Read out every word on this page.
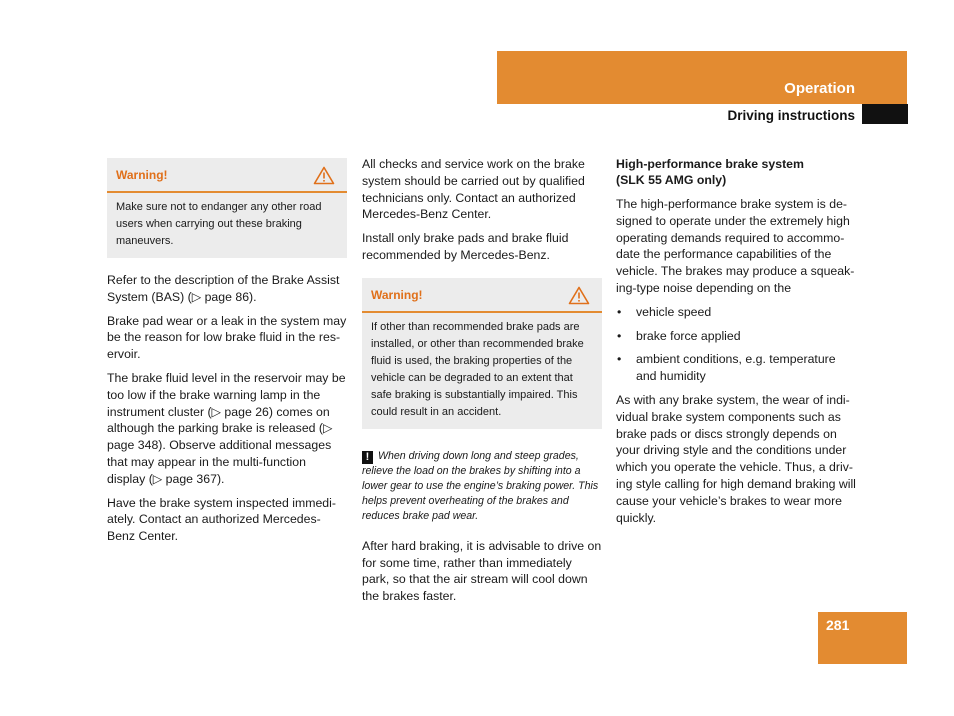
Operation
Driving instructions
Warning!
Make sure not to endanger any other road users when carrying out these braking maneuvers.

Refer to the description of the Brake Assist System (BAS) (▷ page 86).

Brake pad wear or a leak in the system may be the reason for low brake fluid in the res-ervoir.

The brake fluid level in the reservoir may be too low if the brake warning lamp in the instrument cluster (▷ page 26) comes on although the parking brake is released (▷ page 348). Observe additional messages that may appear in the multi-function display (▷ page 367).

Have the brake system inspected immedi-ately. Contact an authorized Mercedes-Benz Center.

All checks and service work on the brake system should be carried out by qualified technicians only. Contact an authorized Mercedes-Benz Center.

Install only brake pads and brake fluid recommended by Mercedes-Benz.

Warning!
If other than recommended brake pads are installed, or other than recommended brake fluid is used, the braking properties of the vehicle can be degraded to an extent that safe braking is substantially impaired. This could result in an accident.
! When driving down long and steep grades, relieve the load on the brakes by shifting into a lower gear to use the engine’s braking power. This helps prevent overheating of the brakes and reduces brake pad wear.

After hard braking, it is advisable to drive on for some time, rather than immediately park, so that the air stream will cool down the brakes faster.

High-performance brake system
(SLK 55 AMG only)

The high-performance brake system is de-signed to operate under the extremely high operating demands required to accommo-date the performance capabilities of the vehicle. The brakes may produce a squeak-ing-type noise depending on the

• vehicle speed
• brake force applied
• ambient conditions, e.g. temperature and humidity

As with any brake system, the wear of indi-vidual brake system components such as brake pads or discs strongly depends on your driving style and the conditions under which you operate the vehicle. Thus, a driv-ing style calling for high demand braking will cause your vehicle’s brakes to wear more quickly.

281
